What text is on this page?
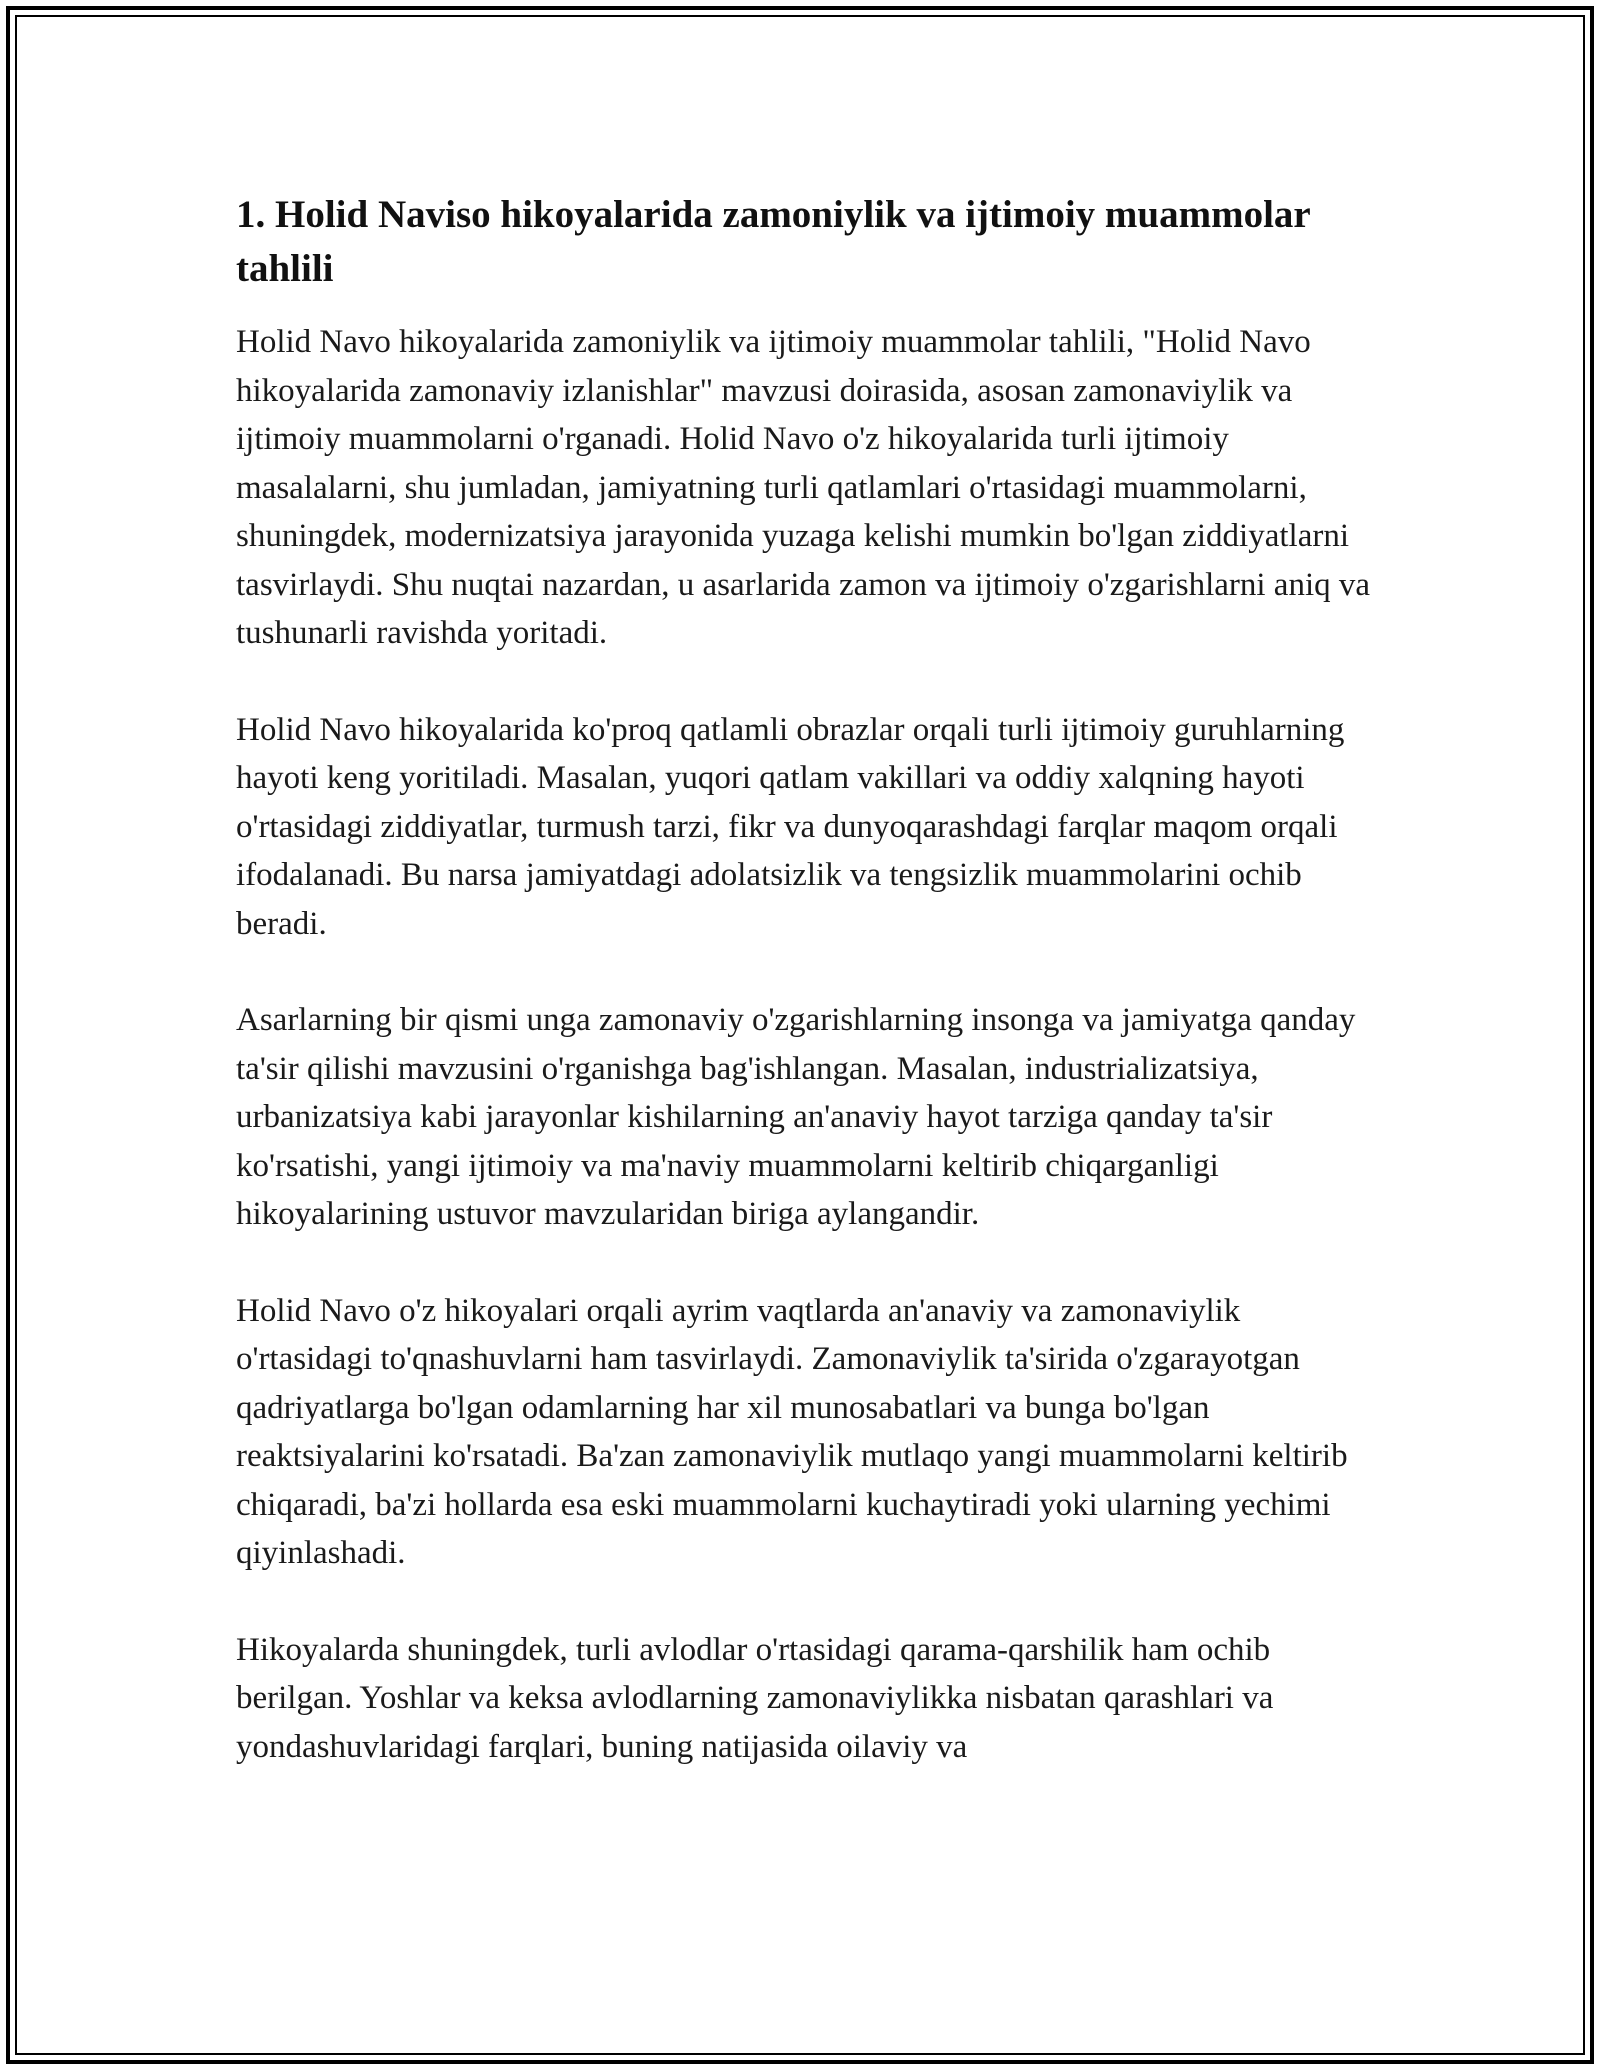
1. Holid Naviso hikoyalarida zamoniylik va ijtimoiy muammolar tahlili

Holid Navo hikoyalarida zamoniylik va ijtimoiy muammolar tahlili, "Holid Navo hikoyalarida zamonaviy izlanishlar" mavzusi doirasida, asosan zamonaviylik va ijtimoiy muammolarni o'rganadi. Holid Navo o'z hikoyalarida turli ijtimoiy masalalarni, shu jumladan, jamiyatning turli qatlamlari o'rtasidagi muammolarni, shuningdek, modernizatsiya jarayonida yuzaga kelishi mumkin bo'lgan ziddiyatlarni tasvirlaydi. Shu nuqtai nazardan, u asarlarida zamon va ijtimoiy o'zgarishlarni aniq va tushunarli ravishda yoritadi.

Holid Navo hikoyalarida ko'proq qatlamli obrazlar orqali turli ijtimoiy guruhlarning hayoti keng yoritiladi. Masalan, yuqori qatlam vakillari va oddiy xalqning hayoti o'rtasidagi ziddiyatlar, turmush tarzi, fikr va dunyoqarashdagi farqlar maqom orqali ifodalanadi. Bu narsa jamiyatdagi adolatsizlik va tengsizlik muammolarini ochib beradi.

Asarlarning bir qismi unga zamonaviy o'zgarishlarning insonga va jamiyatga qanday ta'sir qilishi mavzusini o'rganishga bag'ishlangan. Masalan, industrializatsiya, urbanizatsiya kabi jarayonlar kishilarning an'anaviy hayot tarziga qanday ta'sir ko'rsatishi, yangi ijtimoiy va ma'naviy muammolarni keltirib chiqarganligi hikoyalarining ustuvor mavzularidan biriga aylangandir.

Holid Navo o'z hikoyalari orqali ayrim vaqtlarda an'anaviy va zamonaviylik o'rtasidagi to'qnashuvlarni ham tasvirlaydi. Zamonaviylik ta'sirida o'zgarayotgan qadriyatlarga bo'lgan odamlarning har xil munosabatlari va bunga bo'lgan reaktsiyalarini ko'rsatadi. Ba'zan zamonaviylik mutlaqo yangi muammolarni keltirib chiqaradi, ba'zi hollarda esa eski muammolarni kuchaytiradi yoki ularning yechimi qiyinlashadi.

Hikoyalarda shuningdek, turli avlodlar o'rtasidagi qarama-qarshilik ham ochib berilgan. Yoshlar va keksa avlodlarning zamonaviylikka nisbatan qarashlari va yondashuvlaridagi farqlari, buning natijasida oilaviy va
